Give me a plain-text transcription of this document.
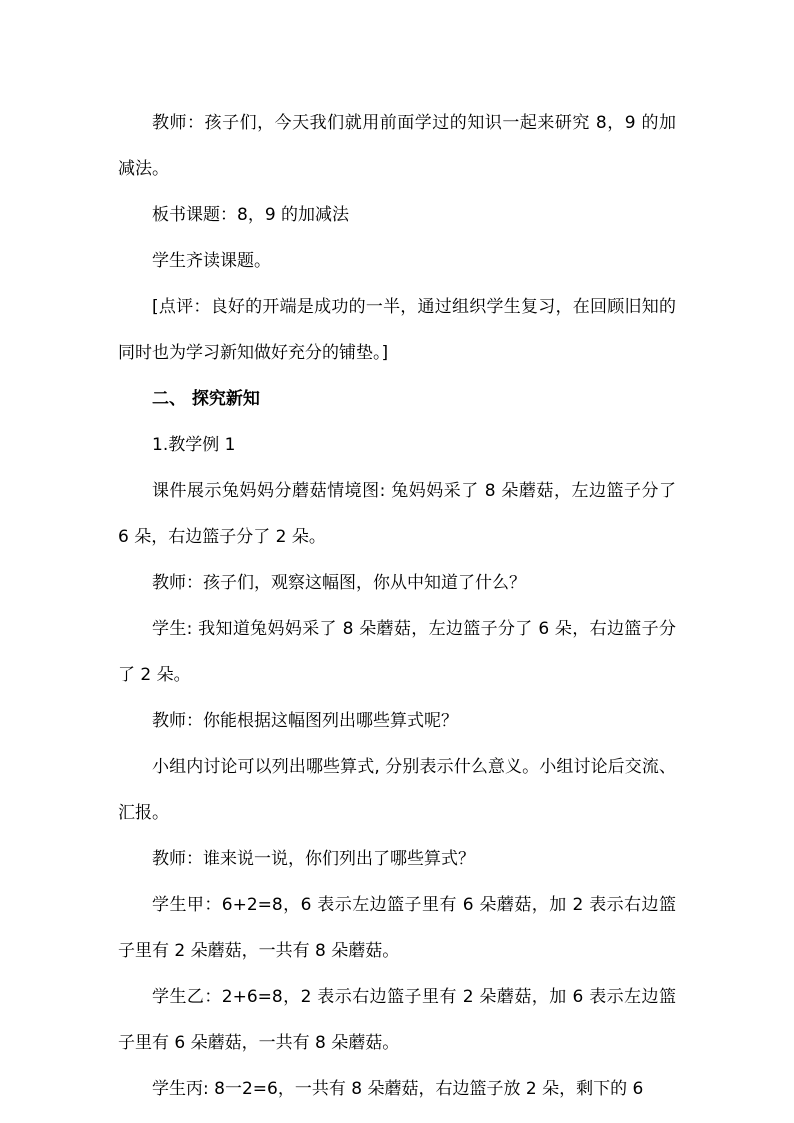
教师：孩子们，今天我们就用前面学过的知识一起来研究 8，9 的加减法。

板书课题：8，9 的加减法

学生齐读课题。

[点评：良好的开端是成功的一半，通过组织学生复习，在回顾旧知的同时也为学习新知做好充分的铺垫。]

二、 探究新知

1.教学例 1

课件展示兔妈妈分蘑菇情境图: 兔妈妈采了 8 朵蘑菇，左边篮子分了 6 朵，右边篮子分了 2 朵。

教师：孩子们，观察这幅图，你从中知道了什么？

学生: 我知道兔妈妈采了 8 朵蘑菇，左边篮子分了 6 朵，右边篮子分了 2 朵。

教师：你能根据这幅图列出哪些算式呢？

小组内讨论可以列出哪些算式, 分别表示什么意义。小组讨论后交流、汇报。

教师：谁来说一说，你们列出了哪些算式？

学生甲：6+2=8，6 表示左边篮子里有 6 朵蘑菇，加 2 表示右边篮子里有 2 朵蘑菇，一共有 8 朵蘑菇。

学生乙：2+6=8，2 表示右边篮子里有 2 朵蘑菇，加 6 表示左边篮子里有 6 朵蘑菇，一共有 8 朵蘑菇。

学生丙: 8一2=6，一共有 8 朵蘑菇，右边篮子放 2 朵，剩下的 6
